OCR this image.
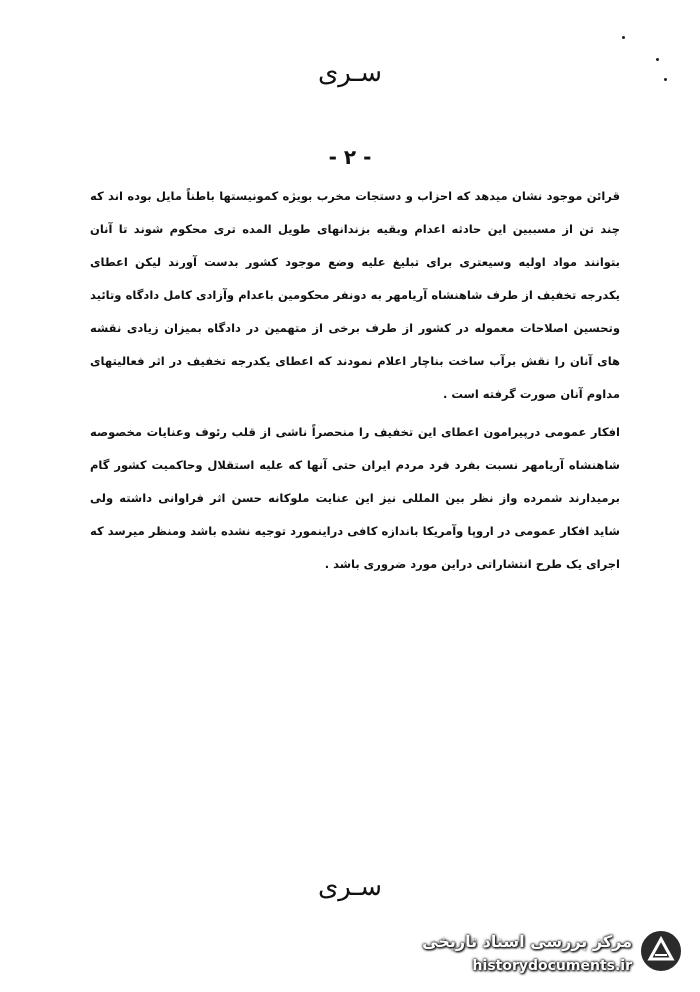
سـری
- ۲ -

قرائن موجود نشان میدهد که احزاب و دستجات مخرب بویژه کمونیستها باطناً مایل بوده اند که چند تن از مسببین این حادثه اعدام وبقیه بزندانهای طویل المده تری محکوم شوند تا آنان بتوانند مواد اولیه وسیعتری برای تبلیغ علیه وضع موجود کشور بدست آورند لیکن اعطای یکدرجه تخفیف از طرف شاهنشاه آریامهر به دونفر محکومین باعدام وآزادی کامل دادگاه وتائید وتحسین اصلاحات معموله در کشور از طرف برخی از متهمین در دادگاه بمیزان زیادی نقشه های آنان را نقش برآب ساخت بناچار اعلام نمودند که اعطای یکدرجه تخفیف در اثر فعالیتهای مداوم آنان صورت گرفته است .

افکار عمومی درپیرامون اعطای این تخفیف را منحصراً ناشی از قلب رئوف وعنایات مخصوصه شاهنشاه آریامهر نسبت بفرد فرد مردم ایران حتی آنها که علیه استقلال وحاکمیت کشور گام برمیدارند شمرده واز نظر بین المللی نیز این عنایت ملوکانه حسن اثر فراوانی داشته ولی شاید افکار عمومی در اروپا وآمریکا باندازه کافی دراینمورد توجیه نشده باشد ومنظر میرسد که اجرای یک طرح انتشاراتی دراین مورد ضروری باشد .

سـری
مرکز بررسی اسناد تاریخی
historydocuments.ir
